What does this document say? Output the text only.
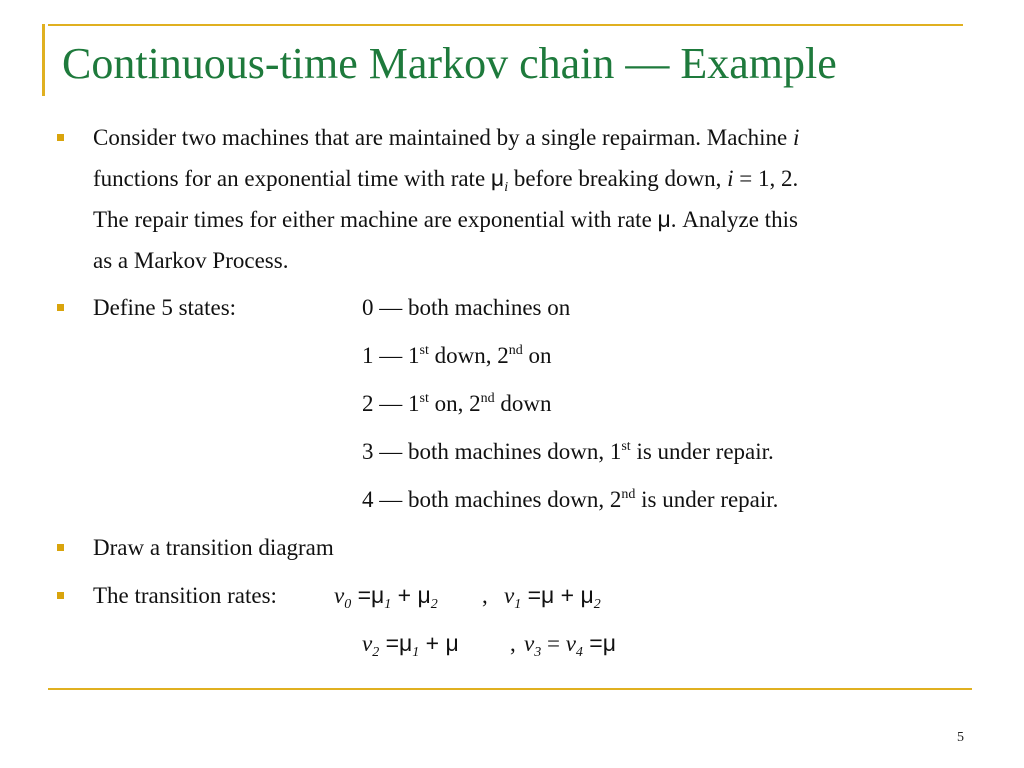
Continuous-time Markov chain — Example
Consider two machines that are maintained by a single repairman. Machine i
functions for an exponential time with rate $\mu_i$ before breaking down, i = 1, 2.
The repair times for either machine are exponential with rate μ. Analyze this
as a Markov Process.
Define 5 states:	0 — both machines on
1 — 1st down, 2nd on
2 — 1st on, 2nd down
3 — both machines down, 1st is under repair.
4 — both machines down, 2nd is under repair.
Draw a transition diagram
The transition rates: $v_0 =\mu_1 + \mu_2$ , $v_1 =\mu + \mu_2$
$v_2 =\mu_1 + \mu$ , $v_3 = v_4 =\mu$
5
